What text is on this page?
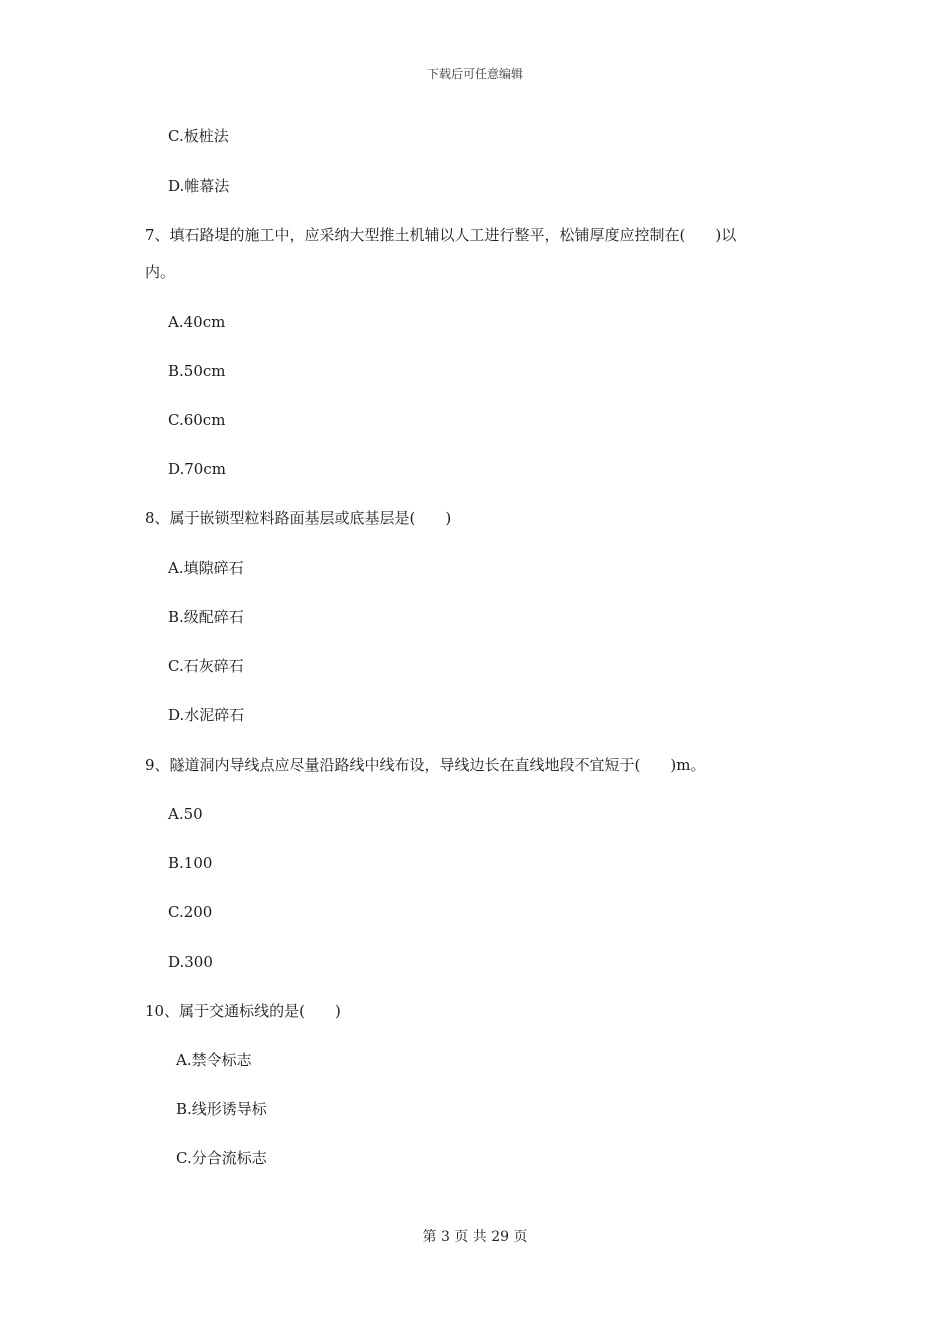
下载后可任意编辑
C.板桩法
D.帷幕法
7、填石路堤的施工中，应采纳大型推土机辅以人工进行整平，松铺厚度应控制在(　　)以
内。
A.40cm
B.50cm
C.60cm
D.70cm
8、属于嵌锁型粒料路面基层或底基层是(　　)
A.填隙碎石
B.级配碎石
C.石灰碎石
D.水泥碎石
9、隧道洞内导线点应尽量沿路线中线布设，导线边长在直线地段不宜短于(　　)m。
A.50
B.100
C.200
D.300
10、属于交通标线的是(　　)
A.禁令标志
B.线形诱导标
C.分合流标志
第 3 页 共 29 页
